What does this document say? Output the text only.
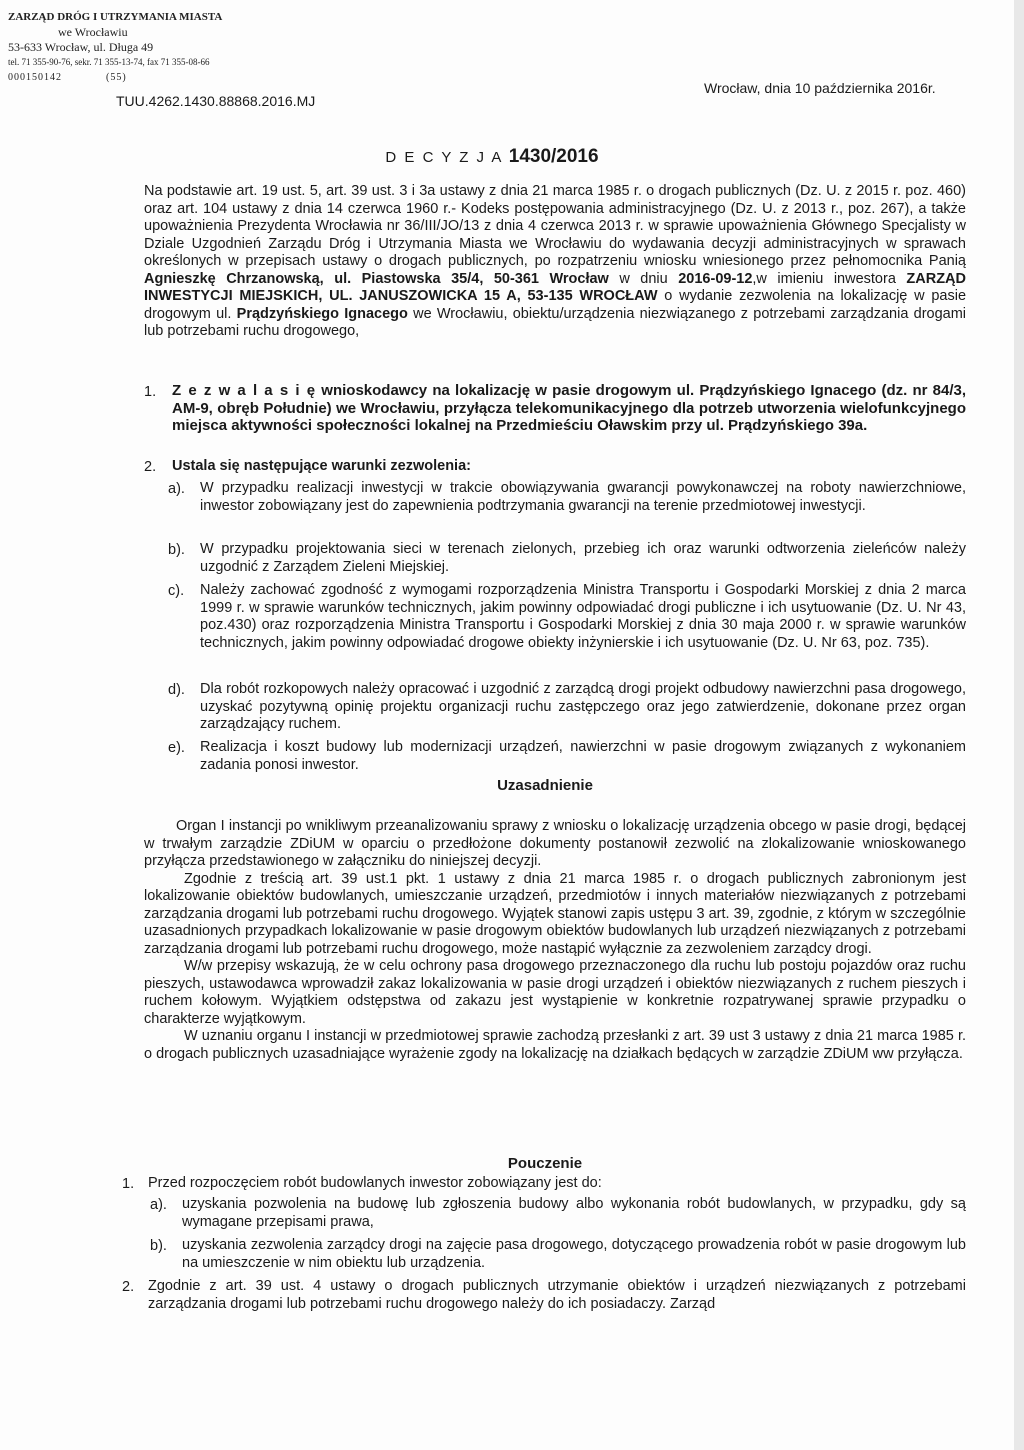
ZARZĄD DRÓG I UTRZYMANIA MIASTA
we Wrocławiu
53-633 Wrocław, ul. Długa 49
tel. 71 355-90-76, sekr. 71 355-13-74, fax 71 355-08-66
000150142	(55)
TUU.4262.1430.88868.2016.MJ
Wrocław, dnia 10 października 2016r.
D E C Y Z J A 1430/2016

Na podstawie art. 19 ust. 5, art. 39 ust. 3 i 3a ustawy z dnia 21 marca 1985 r. o drogach publicznych (Dz. U. z 2015 r. poz. 460) oraz art. 104 ustawy z dnia 14 czerwca 1960 r.- Kodeks postępowania administracyjnego (Dz. U. z 2013 r., poz. 267), a także upoważnienia Prezydenta Wrocławia nr 36/III/JO/13 z dnia 4 czerwca 2013 r. w sprawie upoważnienia Głównego Specjalisty w Dziale Uzgodnień Zarządu Dróg i Utrzymania Miasta we Wrocławiu do wydawania decyzji administracyjnych w sprawach określonych w przepisach ustawy o drogach publicznych, po rozpatrzeniu wniosku wniesionego przez pełnomocnika Panią Agnieszkę Chrzanowską, ul. Piastowska 35/4, 50-361 Wrocław w dniu 2016-09-12,w imieniu inwestora ZARZĄD INWESTYCJI MIEJSKICH, UL. JANUSZOWICKA 15 A, 53-135 WROCŁAW o wydanie zezwolenia na lokalizację w pasie drogowym ul. Prądzyńskiego Ignacego we Wrocławiu, obiektu/urządzenia niezwiązanego z potrzebami zarządzania drogami lub potrzebami ruchu drogowego,

1. Z e z w a l a s i ę wnioskodawcy na lokalizację w pasie drogowym ul. Prądzyńskiego Ignacego (dz. nr 84/3, AM-9, obręb Południe) we Wrocławiu, przyłącza telekomunikacyjnego dla potrzeb utworzenia wielofunkcyjnego miejsca aktywności społeczności lokalnej na Przedmieściu Oławskim przy ul. Prądzyńskiego 39a.
2. Ustala się następujące warunki zezwolenia:
a). W przypadku realizacji inwestycji w trakcie obowiązywania gwarancji powykonawczej na roboty nawierzchniowe, inwestor zobowiązany jest do zapewnienia podtrzymania gwarancji na terenie przedmiotowej inwestycji.
b). W przypadku projektowania sieci w terenach zielonych, przebieg ich oraz warunki odtworzenia zieleńców należy uzgodnić z Zarządem Zieleni Miejskiej.
c). Należy zachować zgodność z wymogami rozporządzenia Ministra Transportu i Gospodarki Morskiej z dnia 2 marca 1999 r. w sprawie warunków technicznych, jakim powinny odpowiadać drogi publiczne i ich usytuowanie (Dz. U. Nr 43, poz.430) oraz rozporządzenia Ministra Transportu i Gospodarki Morskiej z dnia 30 maja 2000 r. w sprawie warunków technicznych, jakim powinny odpowiadać drogowe obiekty inżynierskie i ich usytuowanie (Dz. U. Nr 63, poz. 735).
d). Dla robót rozkopowych należy opracować i uzgodnić z zarządcą drogi projekt odbudowy nawierzchni pasa drogowego, uzyskać pozytywną opinię projektu organizacji ruchu zastępczego oraz jego zatwierdzenie, dokonane przez organ zarządzający ruchem.
e). Realizacja i koszt budowy lub modernizacji urządzeń, nawierzchni w pasie drogowym związanych z wykonaniem zadania ponosi inwestor.
Uzasadnienie

Organ I instancji po wnikliwym przeanalizowaniu sprawy z wniosku o lokalizację urządzenia obcego w pasie drogi, będącej w trwałym zarządzie ZDiUM w oparciu o przedłożone dokumenty postanowił zezwolić na zlokalizowanie wnioskowanego przyłącza przedstawionego w załączniku do niniejszej decyzji.

Zgodnie z treścią art. 39 ust.1 pkt. 1 ustawy z dnia 21 marca 1985 r. o drogach publicznych zabronionym jest lokalizowanie obiektów budowlanych, umieszczanie urządzeń, przedmiotów i innych materiałów niezwiązanych z potrzebami zarządzania drogami lub potrzebami ruchu drogowego. Wyjątek stanowi zapis ustępu 3 art. 39, zgodnie, z którym w szczególnie uzasadnionych przypadkach lokalizowanie w pasie drogowym obiektów budowlanych lub urządzeń niezwiązanych z potrzebami zarządzania drogami lub potrzebami ruchu drogowego, może nastąpić wyłącznie za zezwoleniem zarządcy drogi.

W/w przepisy wskazują, że w celu ochrony pasa drogowego przeznaczonego dla ruchu lub postoju pojazdów oraz ruchu pieszych, ustawodawca wprowadził zakaz lokalizowania w pasie drogi urządzeń i obiektów niezwiązanych z ruchem pieszych i ruchem kołowym. Wyjątkiem odstępstwa od zakazu jest wystąpienie w konkretnie rozpatrywanej sprawie przypadku o charakterze wyjątkowym.

W uznaniu organu I instancji w przedmiotowej sprawie zachodzą przesłanki z art. 39 ust 3 ustawy z dnia 21 marca 1985 r. o drogach publicznych uzasadniające wyrażenie zgody na lokalizację na działkach będących w zarządzie ZDiUM ww przyłącza.

Pouczenie
1. Przed rozpoczęciem robót budowlanych inwestor zobowiązany jest do:
a). uzyskania pozwolenia na budowę lub zgłoszenia budowy albo wykonania robót budowlanych, w przypadku, gdy są wymagane przepisami prawa,
b). uzyskania zezwolenia zarządcy drogi na zajęcie pasa drogowego, dotyczącego prowadzenia robót w pasie drogowym lub na umieszczenie w nim obiektu lub urządzenia.
2. Zgodnie z art. 39 ust. 4 ustawy o drogach publicznych utrzymanie obiektów i urządzeń niezwiązanych z potrzebami zarządzania drogami lub potrzebami ruchu drogowego należy do ich posiadaczy. Zarząd
